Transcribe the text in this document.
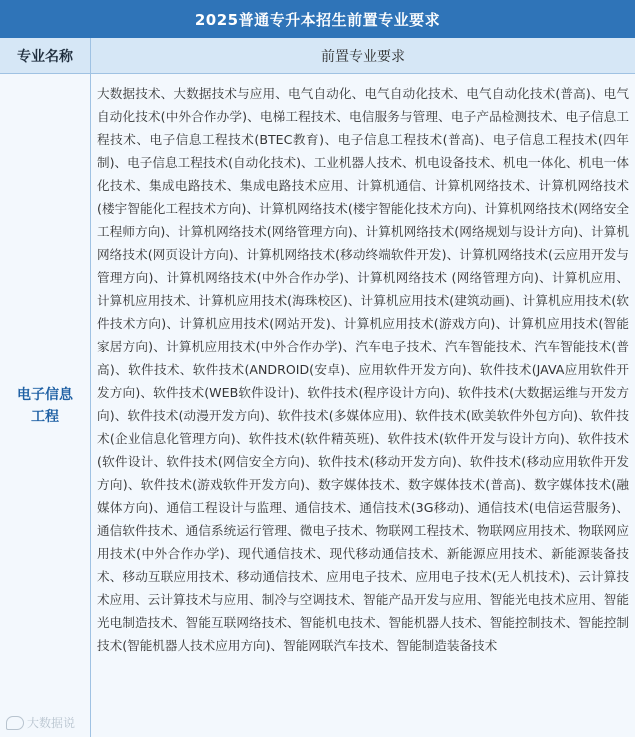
2025普通专升本招生前置专业要求
专业名称	前置专业要求
电子信息工程

大数据技术、大数据技术与应用、电气自动化、电气自动化技术、电气自动化技术(普高)、电气自动化技术(中外合作办学)、电梯工程技术、电信服务与管理、电子产品检测技术、电子信息工程技术、电子信息工程技术(BTEC教育)、电子信息工程技术(普高)、电子信息工程技术(四年制)、电子信息工程技术(自动化技术)、工业机器人技术、机电设备技术、机电一体化、机电一体化技术、集成电路技术、集成电路技术应用、计算机通信、计算机网络技术、计算机网络技术(楼宇智能化工程技术方向)、计算机网络技术(楼宇智能化技术方向)、计算机网络技术(网络安全工程师方向)、计算机网络技术(网络管理方向)、计算机网络技术(网络规划与设计方向)、计算机网络技术(网页设计方向)、计算机网络技术(移动终端软件开发)、计算机网络技术(云应用开发与管理方向)、计算机网络技术(中外合作办学)、计算机网络技术 (网络管理方向)、计算机应用、计算机应用技术、计算机应用技术(海珠校区)、计算机应用技术(建筑动画)、计算机应用技术(软件技术方向)、计算机应用技术(网站开发)、计算机应用技术(游戏方向)、计算机应用技术(智能家居方向)、计算机应用技术(中外合作办学)、汽车电子技术、汽车智能技术、汽车智能技术(普高)、软件技术、软件技术(ANDROID(安卓)、应用软件开发方向)、软件技术(JAVA应用软件开发方向)、软件技术(WEB软件设计)、软件技术(程序设计方向)、软件技术(大数据运维与开发方向)、软件技术(动漫开发方向)、软件技术(多媒体应用)、软件技术(欧美软件外包方向)、软件技术(企业信息化管理方向)、软件技术(软件精英班)、软件技术(软件开发与设计方向)、软件技术(软件设计、软件技术(网信安全方向)、软件技术(移动开发方向)、软件技术(移动应用软件开发方向)、软件技术(游戏软件开发方向)、数字媒体技术、数字媒体技术(普高)、数字媒体技术(融媒体方向)、通信工程设计与监理、通信技术、通信技术(3G移动)、通信技术(电信运营服务)、通信软件技术、通信系统运行管理、微电子技术、物联网工程技术、物联网应用技术、物联网应用技术(中外合作办学)、现代通信技术、现代移动通信技术、新能源应用技术、新能源装备技术、移动互联应用技术、移动通信技术、应用电子技术、应用电子技术(无人机技术)、云计算技术应用、云计算技术与应用、制冷与空调技术、智能产品开发与应用、智能光电技术应用、智能光电制造技术、智能互联网络技术、智能机电技术、智能机器人技术、智能控制技术、智能控制技术(智能机器人技术应用方向)、智能网联汽车技术、智能制造装备技术

大数据说
